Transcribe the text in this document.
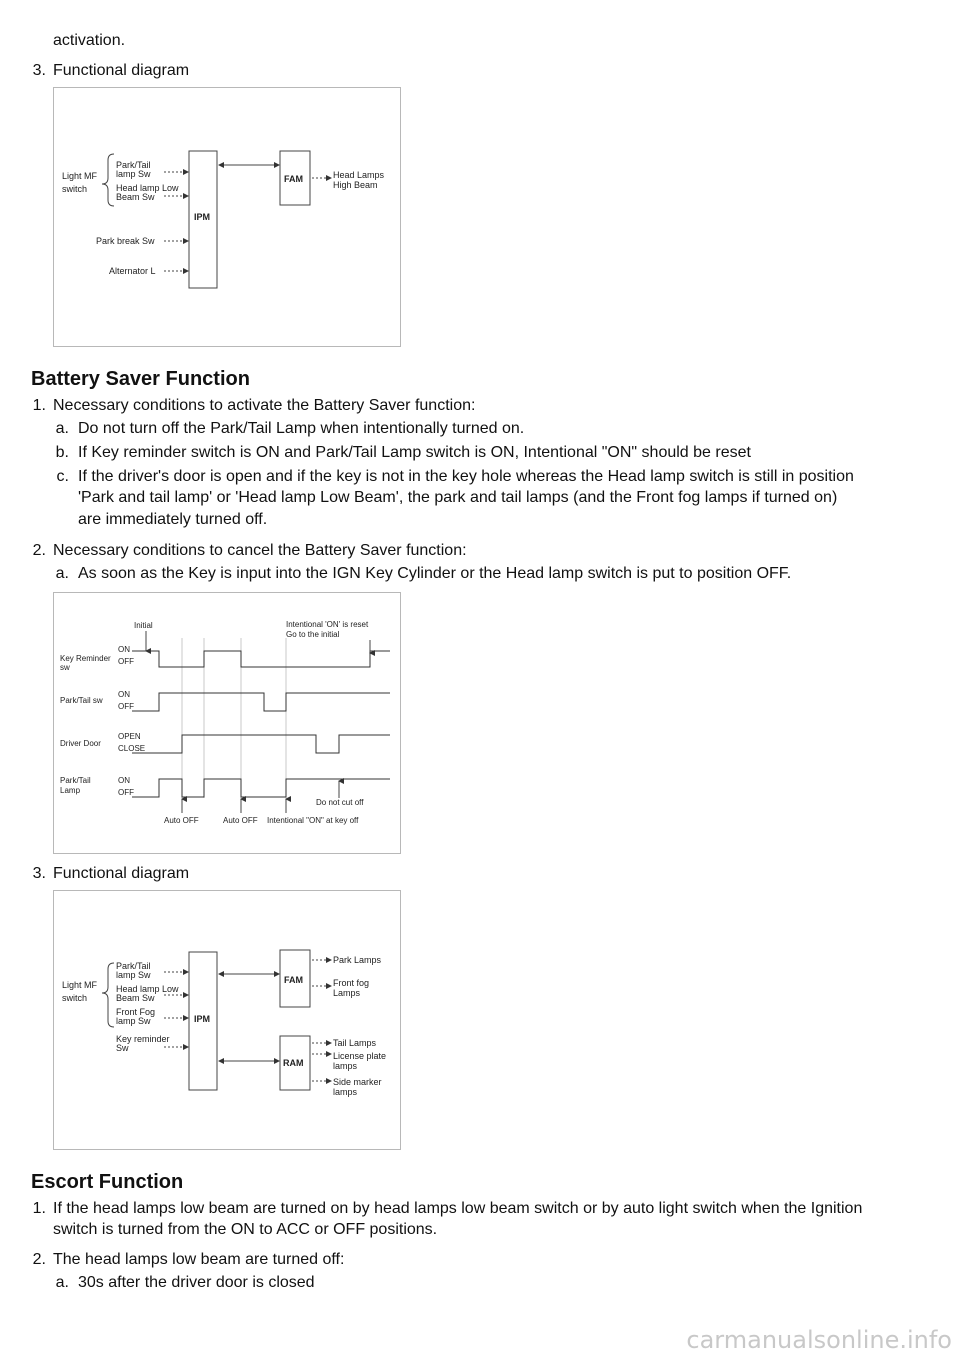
activation.
3. Functional diagram
Light MF
switch
Park/Tail
lamp Sw
Head lamp Low
Beam Sw
Park break Sw
Alternator L
IPM
FAM	Head Lamps
High Beam
Battery Saver Function
1. Necessary conditions to activate the Battery Saver function:
a. Do not turn off the Park/Tail Lamp when intentionally turned on.
b. If Key reminder switch is ON and Park/Tail Lamp switch is ON, Intentional "ON" should be reset
c. If the driver's door is open and if the key is not in the key hole whereas the Head lamp switch is still in position
'Park and tail lamp' or 'Head lamp Low Beam', the park and tail lamps (and the Front fog lamps if turned on)
are immediately turned off.
2. Necessary conditions to cancel the Battery Saver function:
a. As soon as the Key is input into the IGN Key Cylinder or the Head lamp switch is put to position OFF.
Initial	Intentional 'ON' is reset
Go to the initial
Key Reminder
sw
ON
OFF
Park/Tail sw
ON
OFF
Driver Door
OPEN
CLOSE
Park/Tail
Lamp
ON
OFF
Do not cut off
Auto OFF	Auto OFF Intentional "ON" at key off
3. Functional diagram
Light MF
switch
Park/Tail
lamp Sw
Head lamp Low
Beam Sw
Front Fog
lamp Sw
Key reminder
Sw
IPM
FAM
RAM
Park Lamps
Front fog
Lamps
Tail Lamps
License plate
lamps
Side marker
lamps
Escort Function
1. If the head lamps low beam are turned on by head lamps low beam switch or by auto light switch when the Ignition
switch is turned from the ON to ACC or OFF positions.
2. The head lamps low beam are turned off:
a. 30s after the driver door is closed
carmanualsonline.info
